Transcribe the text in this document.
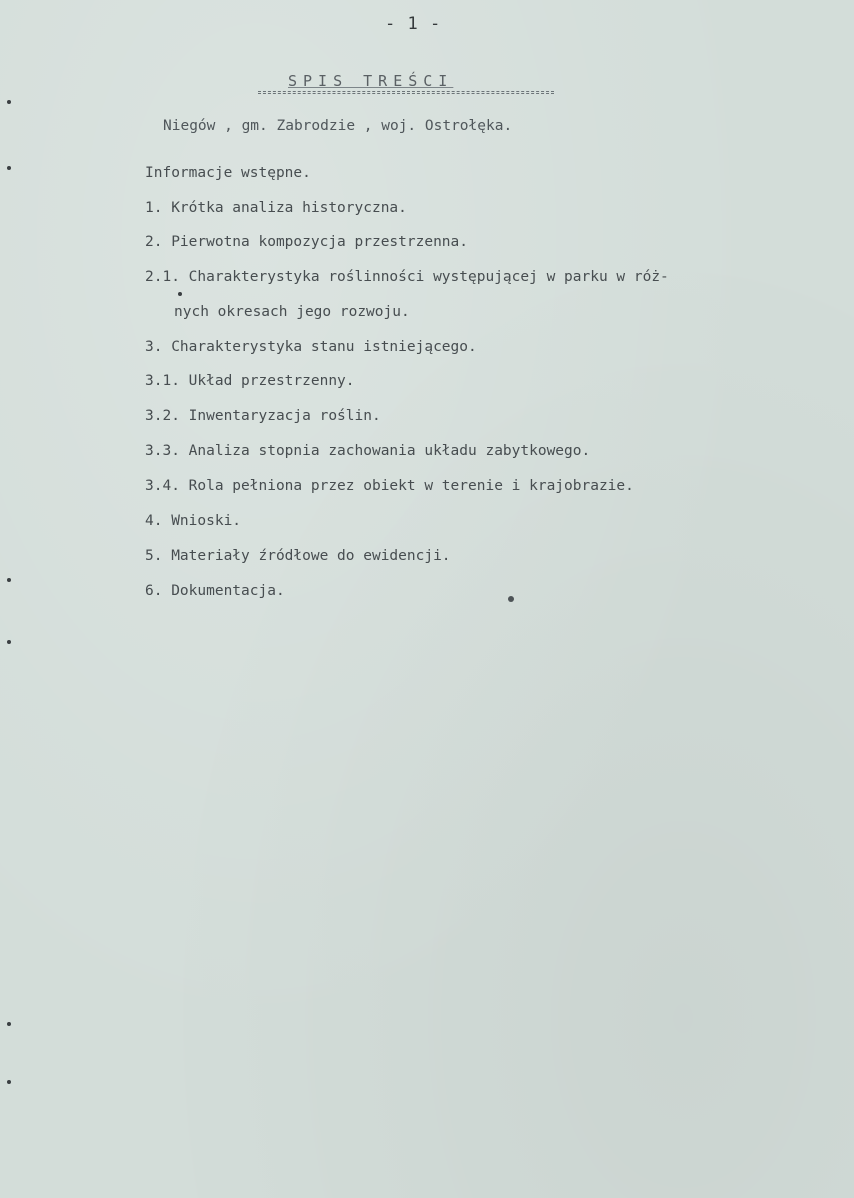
- 1 -
SPIS TREŚCI
Niegów , gm. Zabrodzie , woj. Ostrołęka.
Informacje wstępne.
1. Krótka analiza historyczna.
2. Pierwotna kompozycja przestrzenna.
2.1. Charakterystyka roślinności występującej w parku w róż-
nych okresach jego rozwoju.
3. Charakterystyka stanu istniejącego.
3.1. Układ przestrzenny.
3.2. Inwentaryzacja roślin.
3.3. Analiza stopnia zachowania układu zabytkowego.
3.4. Rola pełniona przez obiekt w terenie i krajobrazie.
4. Wnioski.
5. Materiały źródłowe do ewidencji.
6. Dokumentacja.
